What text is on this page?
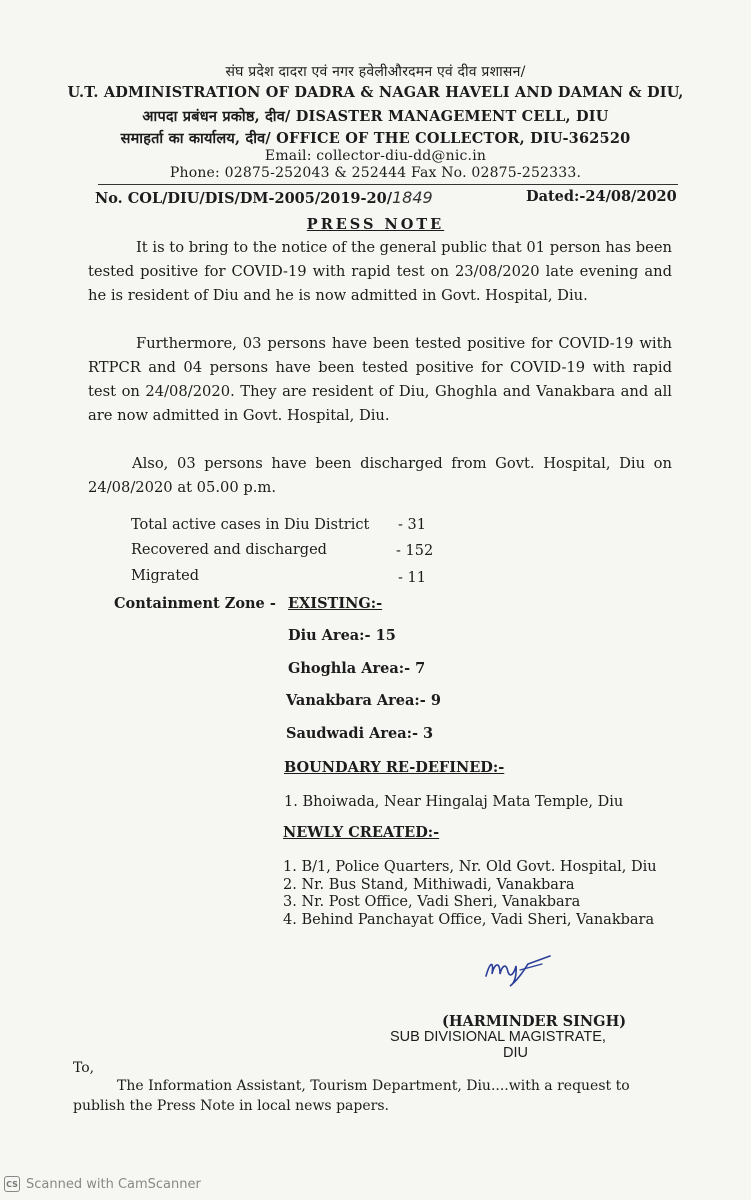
संघ प्रदेश दादरा एवं नगर हवेलीऔरदमन एवं दीव प्रशासन/
U.T. ADMINISTRATION OF DADRA & NAGAR HAVELI AND DAMAN & DIU,
आपदा प्रबंधन प्रकोष्ठ, दीव/ DISASTER MANAGEMENT CELL, DIU
समाहर्ता का कार्यालय, दीव/ OFFICE OF THE COLLECTOR, DIU-362520
Email: collector-diu-dd@nic.in
Phone: 02875-252043 & 252444 Fax No. 02875-252333.
No. COL/DIU/DIS/DM-2005/2019-20/1849	Dated:-24/08/2020
PRESS NOTE
It is to bring to the notice of the general public that 01 person has been tested positive for COVID-19 with rapid test on 23/08/2020 late evening and he is resident of Diu and he is now admitted in Govt. Hospital, Diu.
Furthermore, 03 persons have been tested positive for COVID-19 with RTPCR and 04 persons have been tested positive for COVID-19 with rapid test on 24/08/2020. They are resident of Diu, Ghoghla and Vanakbara and all are now admitted in Govt. Hospital, Diu.
Also, 03 persons have been discharged from Govt. Hospital, Diu on 24/08/2020 at 05.00 p.m.
Total active cases in Diu District - 31
Recovered and discharged	- 152
Migrated	- 11
Containment Zone - EXISTING:-
Diu Area:- 15
Ghoghla Area:- 7
Vanakbara Area:- 9
Saudwadi Area:- 3
BOUNDARY RE-DEFINED:-
1. Bhoiwada, Near Hingalaj Mata Temple, Diu
NEWLY CREATED:-
1. B/1, Police Quarters, Nr. Old Govt. Hospital, Diu
2. Nr. Bus Stand, Mithiwadi, Vanakbara
3. Nr. Post Office, Vadi Sheri, Vanakbara
4. Behind Panchayat Office, Vadi Sheri, Vanakbara
(HARMINDER SINGH)
SUB DIVISIONAL MAGISTRATE,
DIU
To,
The Information Assistant, Tourism Department, Diu....with a request to
publish the Press Note in local news papers.
CS Scanned with CamScanner
